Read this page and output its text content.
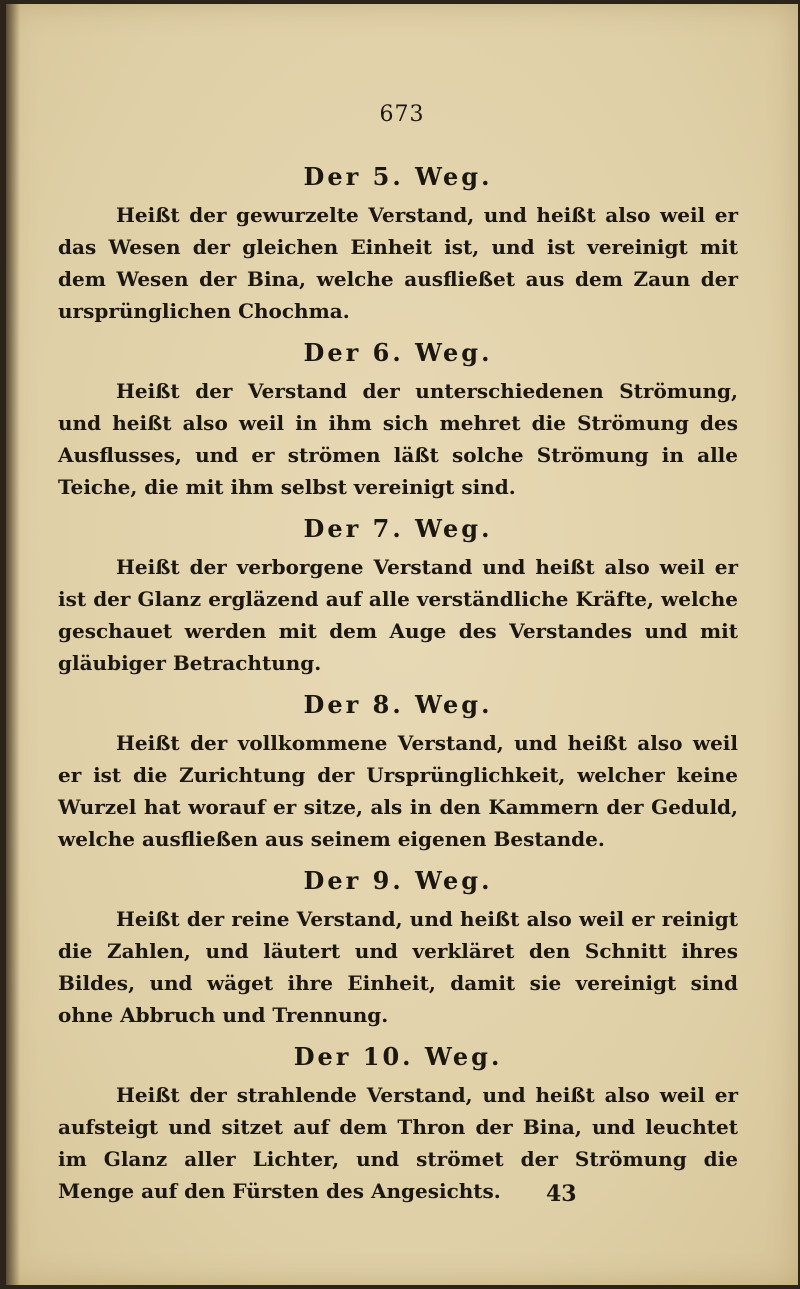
673
Der 5. Weg.

Heißt der gewurzelte Verstand, und heißt also weil er das Wesen der gleichen Einheit ist, und ist vereinigt mit dem Wesen der Bina, welche ausfließet aus dem Zaun der ursprünglichen Chochma.

Der 6. Weg.

Heißt der Verstand der unterschiedenen Strömung, und heißt also weil in ihm sich mehret die Strömung des Ausflusses, und er strömen läßt solche Strömung in alle Teiche, die mit ihm selbst vereinigt sind.

Der 7. Weg.

Heißt der verborgene Verstand und heißt also weil er ist der Glanz ergläzend auf alle verständliche Kräfte, welche geschauet werden mit dem Auge des Verstandes und mit gläubiger Betrachtung.

Der 8. Weg.

Heißt der vollkommene Verstand, und heißt also weil er ist die Zurichtung der Ursprünglichkeit, welcher keine Wurzel hat worauf er sitze, als in den Kammern der Geduld, welche ausfließen aus seinem eigenen Bestande.

Der 9. Weg.

Heißt der reine Verstand, und heißt also weil er reinigt die Zahlen, und läutert und verkläret den Schnitt ihres Bildes, und wäget ihre Einheit, damit sie vereinigt sind ohne Abbruch und Trennung.

Der 10. Weg.

Heißt der strahlende Verstand, und heißt also weil er aufsteigt und sitzet auf dem Thron der Bina, und leuchtet im Glanz aller Lichter, und strömet der Strömung die Menge auf den Fürsten des Angesichts.	43
